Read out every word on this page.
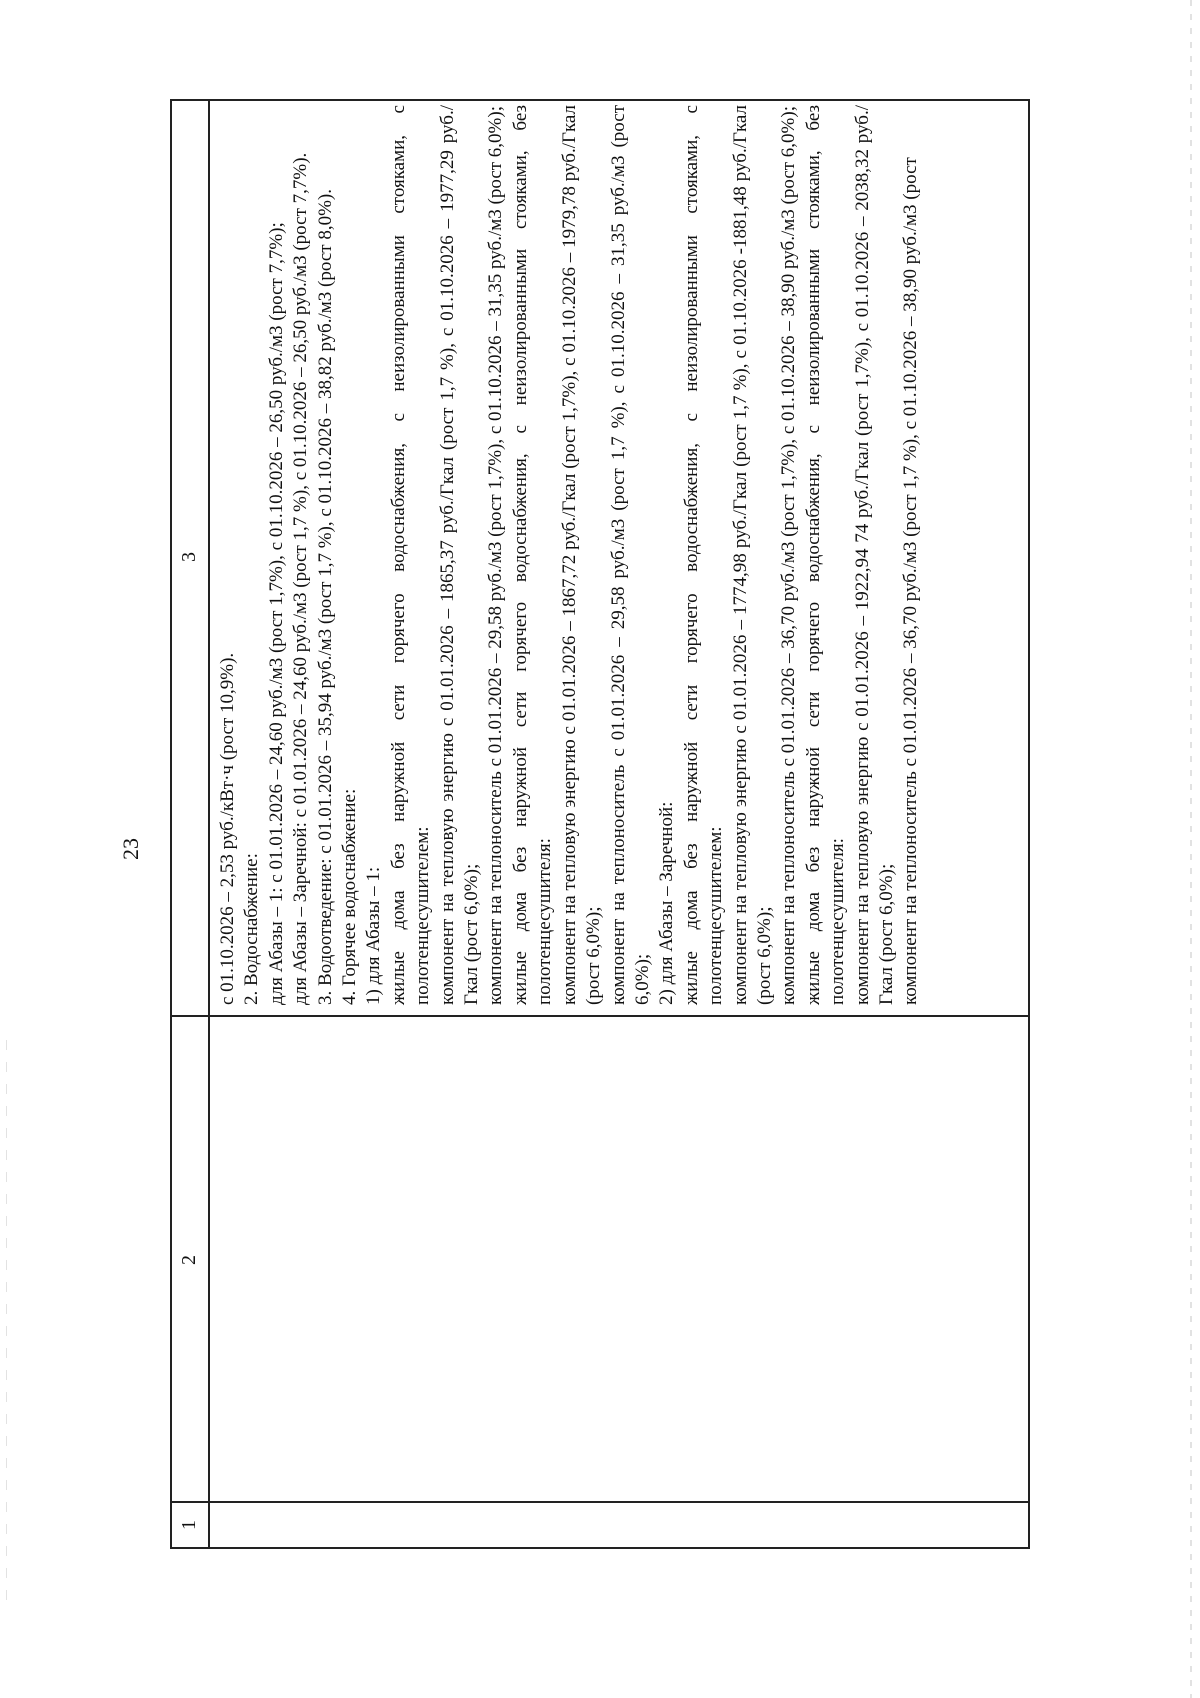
23
1
2
3

с 01.10.2026 – 2,53 руб./кВт·ч (рост 10,9%). 2. Водоснабжение: для Абазы – 1: с 01.01.2026 – 24,60 руб./м3 (рост 1,7%), с 01.10.2026 – 26,50 руб./м3 (рост 7,7%); для Абазы – Заречной: с 01.01.2026 – 24,60 руб./м3 (рост 1,7 %), с 01.10.2026 – 26,50 руб./м3 (рост 7,7%). 3. Водоотведение: с 01.01.2026 – 35,94 руб./м3 (рост 1,7 %), с 01.10.2026 – 38,82 руб./м3 (рост 8,0%). 4. Горячее водоснабжение: 1) для Абазы – 1: жилые дома без наружной сети горячего водоснабжения, с неизолированными стояками, с полотенцесушителем: компонент на тепловую энергию с 01.01.2026 – 1865,37 руб./Гкал (рост 1,7 %), с 01.10.2026 – 1977,29 руб./Гкал (рост 6,0%); компонент на теплоноситель с 01.01.2026 – 29,58 руб./м3 (рост 1,7%), с 01.10.2026 – 31,35 руб./м3 (рост 6,0%); жилые дома без наружной сети горячего водоснабжения, с неизолированными стояками, без полотенцесушителя: компонент на тепловую энергию с 01.01.2026 – 1867,72 руб./Гкал (рост 1,7%), с 01.10.2026 – 1979,78 руб./Гкал (рост 6,0%); компонент на теплоноситель с 01.01.2026 – 29,58 руб./м3 (рост 1,7 %), с 01.10.2026 – 31,35 руб./м3 (рост 6,0%); 2) для Абазы – Заречной: жилые дома без наружной сети горячего водоснабжения, с неизолированными стояками, с полотенцесушителем: компонент на тепловую энергию с 01.01.2026 – 1774,98 руб./Гкал (рост 1,7 %), с 01.10.2026 -1881,48 руб./Гкал (рост 6,0%); компонент на теплоноситель с 01.01.2026 – 36,70 руб./м3 (рост 1,7%), с 01.10.2026 – 38,90 руб./м3 (рост 6,0%); жилые дома без наружной сети горячего водоснабжения, с неизолированными стояками, без полотенцесушителя: компонент на тепловую энергию с 01.01.2026 – 1922,94 74 руб./Гкал (рост 1,7%), с 01.10.2026 – 2038,32 руб./Гкал (рост 6,0%); компонент на теплоноситель с 01.01.2026 – 36,70 руб./м3 (рост 1,7 %), с 01.10.2026 – 38,90 руб./м3 (рост
